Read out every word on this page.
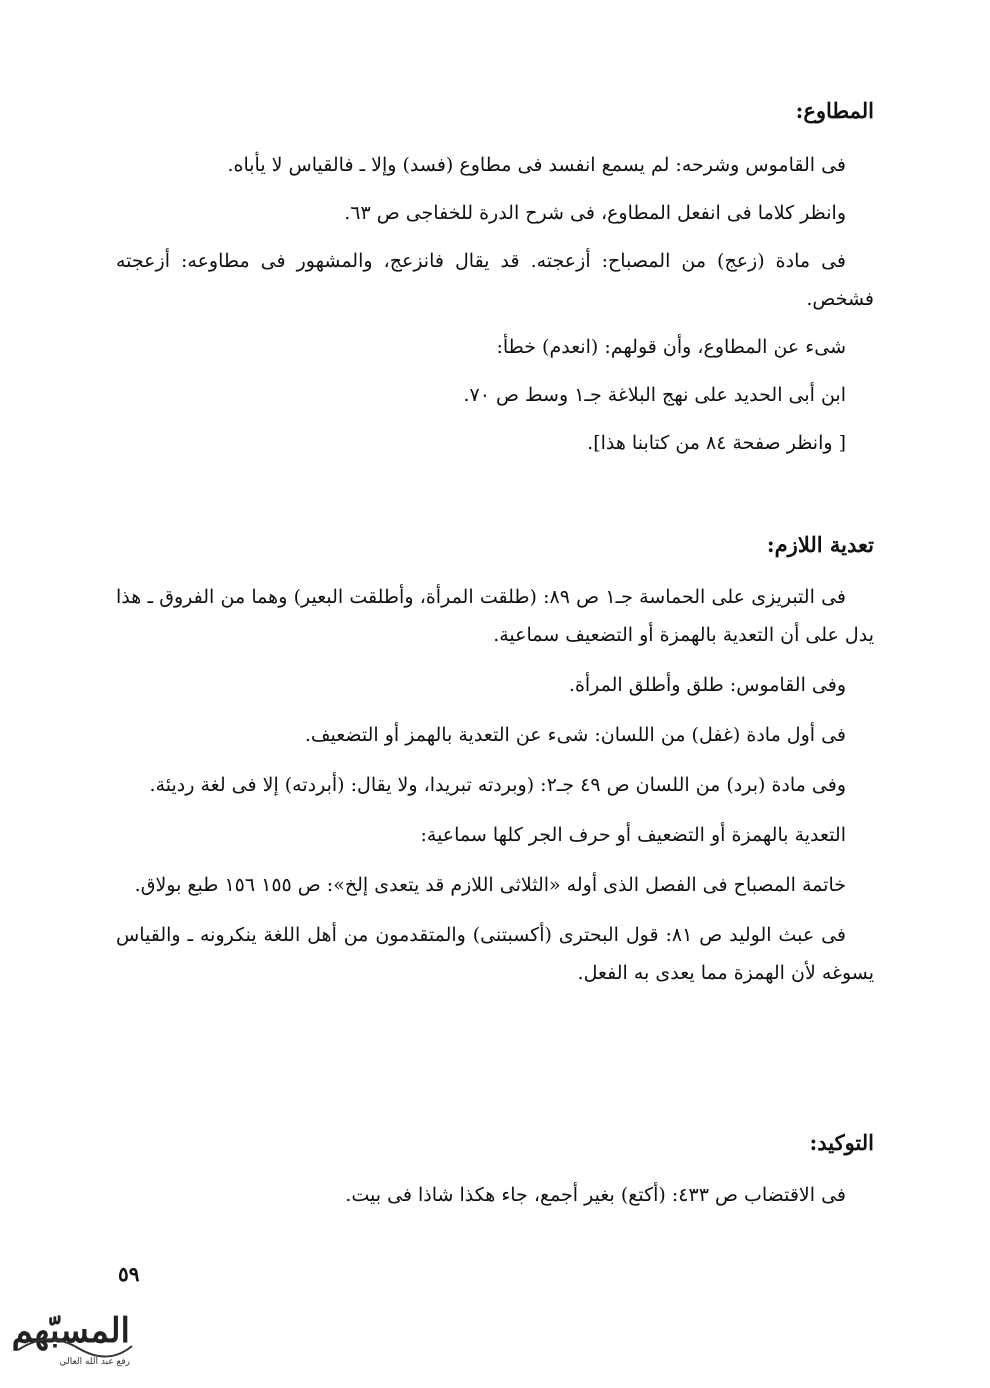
المطاوع:

فى القاموس وشرحه: لم يسمع انفسد فى مطاوع (فسد) وإلا ـ فالقياس لا يأباه.

وانظر كلاما فى انفعل المطاوع، فى شرح الدرة للخفاجى ص ٦٣.

فى مادة (زعج) من المصباح: أزعجته. قد يقال فانزعج، والمشهور فى مطاوعه: أزعجته فشخص.

شىء عن المطاوع، وأن قولهم: (انعدم) خطأ:

ابن أبى الحديد على نهج البلاغة جـ١ وسط ص ٧٠.

[ وانظر صفحة ٨٤ من كتابنا هذا].

تعدية اللازم:

فى التبريزى على الحماسة جـ١ ص ٨٩: (طلقت المرأة، وأطلقت البعير) وهما من الفروق ـ هذا يدل على أن التعدية بالهمزة أو التضعيف سماعية.

وفى القاموس: طلق وأطلق المرأة.

فى أول مادة (غفل) من اللسان: شىء عن التعدية بالهمز أو التضعيف.

وفى مادة (برد) من اللسان ص ٤٩ جـ٢: (وبردته تبريدا، ولا يقال: (أبردته) إلا فى لغة رديئة.

التعدية بالهمزة أو التضعيف أو حرف الجر كلها سماعية:

خاتمة المصباح فى الفصل الذى أوله «الثلاثى اللازم قد يتعدى إلخ»: ص ١٥٥ ١٥٦ طبع بولاق.

فى عبث الوليد ص ٨١: قول البحترى (أكسبتنى) والمتقدمون من أهل اللغة ينكرونه ـ والقياس يسوغه لأن الهمزة مما يعدى به الفعل.

التوكيد:

فى الاقتضاب ص ٤٣٣: (أكتع) بغير أجمع، جاء هكذا شاذا فى بيت.

٥٩
المسبّهم
رفع عبد الله العالي
